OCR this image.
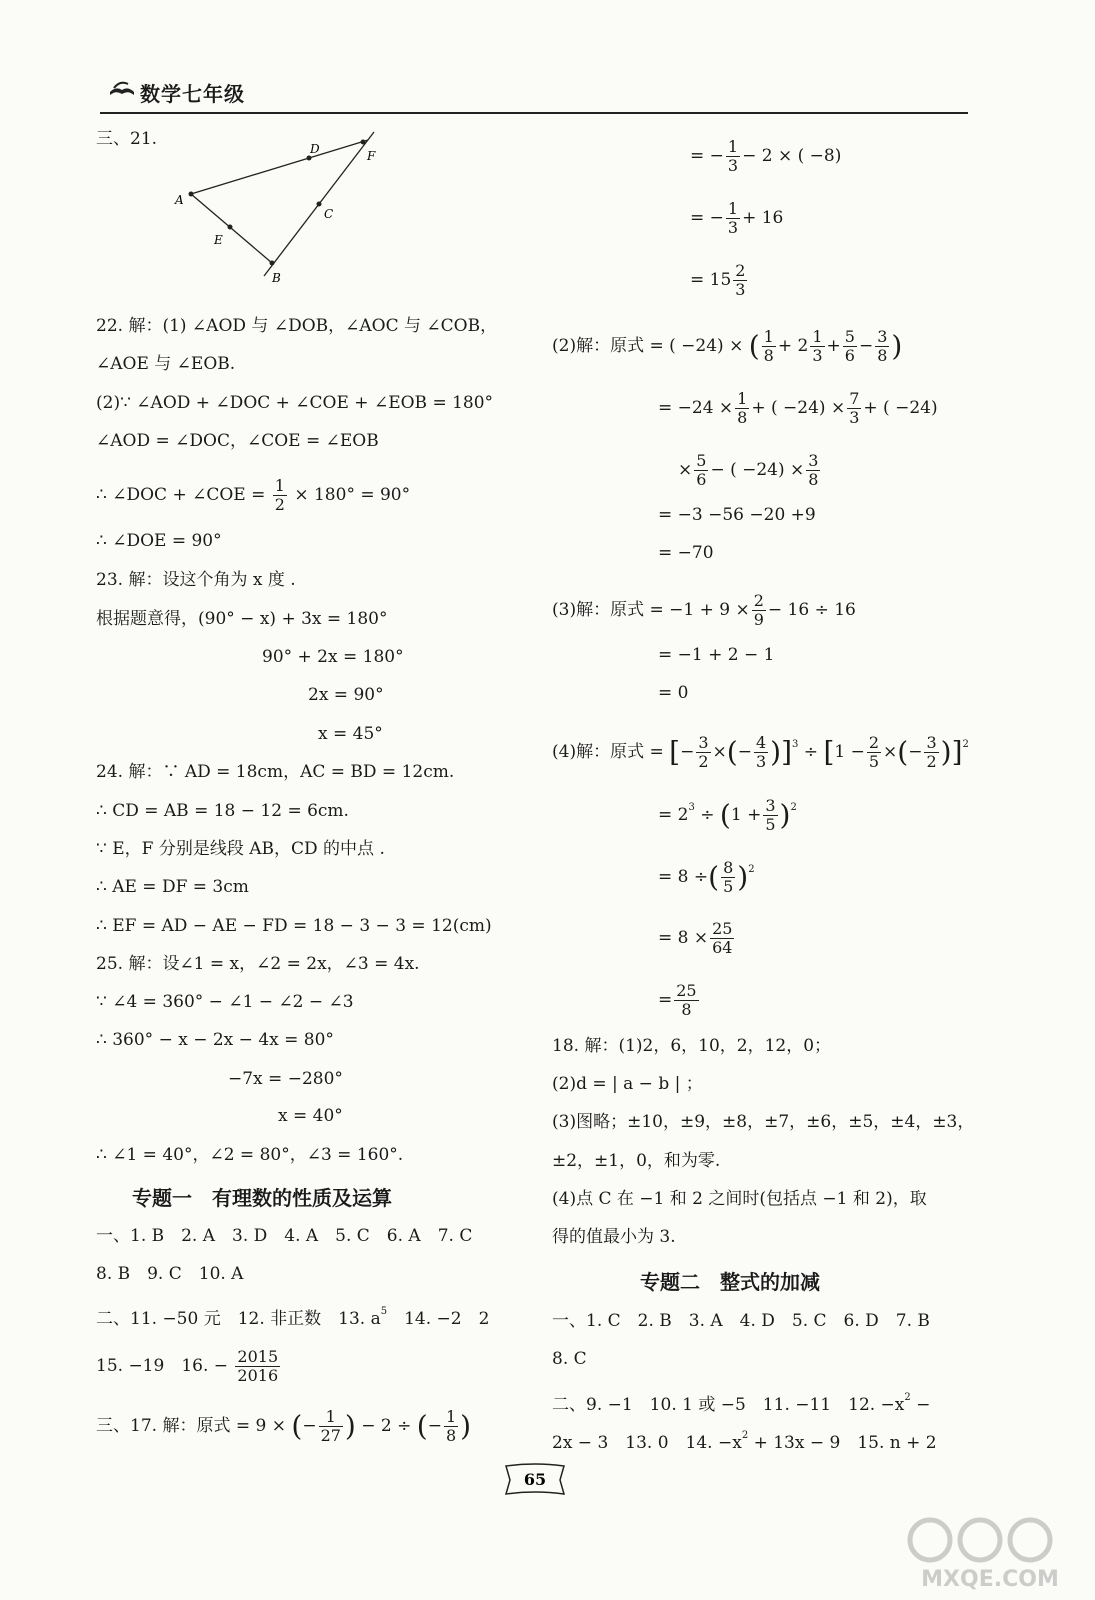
数学七年级
三、21.
A
B
C
D
E
F
22. 解：(1) ∠AOD 与 ∠DOB，∠AOC 与 ∠COB，
∠AOE 与 ∠EOB.
(2)∵ ∠AOD + ∠DOC + ∠COE + ∠EOB = 180°
∠AOD = ∠DOC，∠COE = ∠EOB
∴ ∠DOC + ∠COE = $\frac{1}{2} \times 180^\circ = 90^\circ$
∴ ∠DOE = 90°
23. 解：设这个角为 x 度 .
根据题意得，(90° − x) + 3x = 180°
90° + 2x = 180°
2x = 90°
x = 45°
24. 解：∵ AD = 18cm，AC = BD = 12cm.
∴ CD = AB = 18 − 12 = 6cm.
∵ E，F 分别是线段 AB，CD 的中点 .
∴ AE = DF = 3cm
∴ EF = AD − AE − FD = 18 − 3 − 3 = 12(cm)
25. 解：设∠1 = x，∠2 = 2x，∠3 = 4x.
∵ ∠4 = 360° − ∠1 − ∠2 − ∠3
∴ 360° − x − 2x − 4x = 80°
−7x = −280°
x = 40°
∴ ∠1 = 40°，∠2 = 80°，∠3 = 160°.
专题一　有理数的性质及运算
一、1. B　2. A　3. D　4. A　5. C　6. A　7. C
8. B　9. C　10. A
二、11. −50 元　12. 非正数　13. $a^5$　14. −2　2
15. −19　16. − $\frac{2015}{2016}$
三、17. 解：原式 = 9 × (− $\frac{1}{27}$ ) − 2 ÷ (− $\frac{1}{8}$ )
= − $\frac{1}{3} - 2$ × ( −8)
= − $\frac{1}{3} + 16$
= $15 \frac{2}{3}$
(2)解：原式 = ( −24) × ( $\frac{1}{8} + 2 \frac{1}{3} + \frac{5}{6} - \frac{3}{8}$ )
= $-24 \times \frac{1}{8}$ + ( $-24) \times \frac{7}{3}$ + ( −24)
× $\frac{5}{6}$ − ( $-24) \times \frac{3}{8}$
= −3 −56 −20 +9
= −70
(3)解：原式 = $-1 + 9 \times \frac{2}{9} - 16 \div 16$
= −1 + 2 − 1
= 0
(4)解：原式 = [− $\frac{3}{2}$ ×(− $\frac{4}{3} )]^3 \div [1 - \frac{2}{5}$ ×(− $\frac{3}{2} )]^2$
= $2^3 \div (1 + \frac{3}{5} )^2$
= 8 ÷( $\frac{8}{5} )^2$
= $8 \times \frac{25}{64}$
= $\frac{25}{8}$
18. 解：(1)2，6，10，2，12，0；
(2)d = | a − b | ；
(3)图略；±10，±9，±8，±7，±6，±5，±4，±3，
±2，±1，0，和为零.
(4)点 C 在 −1 和 2 之间时(包括点 −1 和 2)，取
得的值最小为 3.
专题二　整式的加减
一、1. C　2. B　3. A　4. D　5. C　6. D　7. B
8. C
二、9. −1　10. 1 或 −5　11. −11　12. $-x^2$ −
2x − 3　13. 0　14. $-x^2 + 13x - 9$　15. n + 2
65
MXQE.COM
